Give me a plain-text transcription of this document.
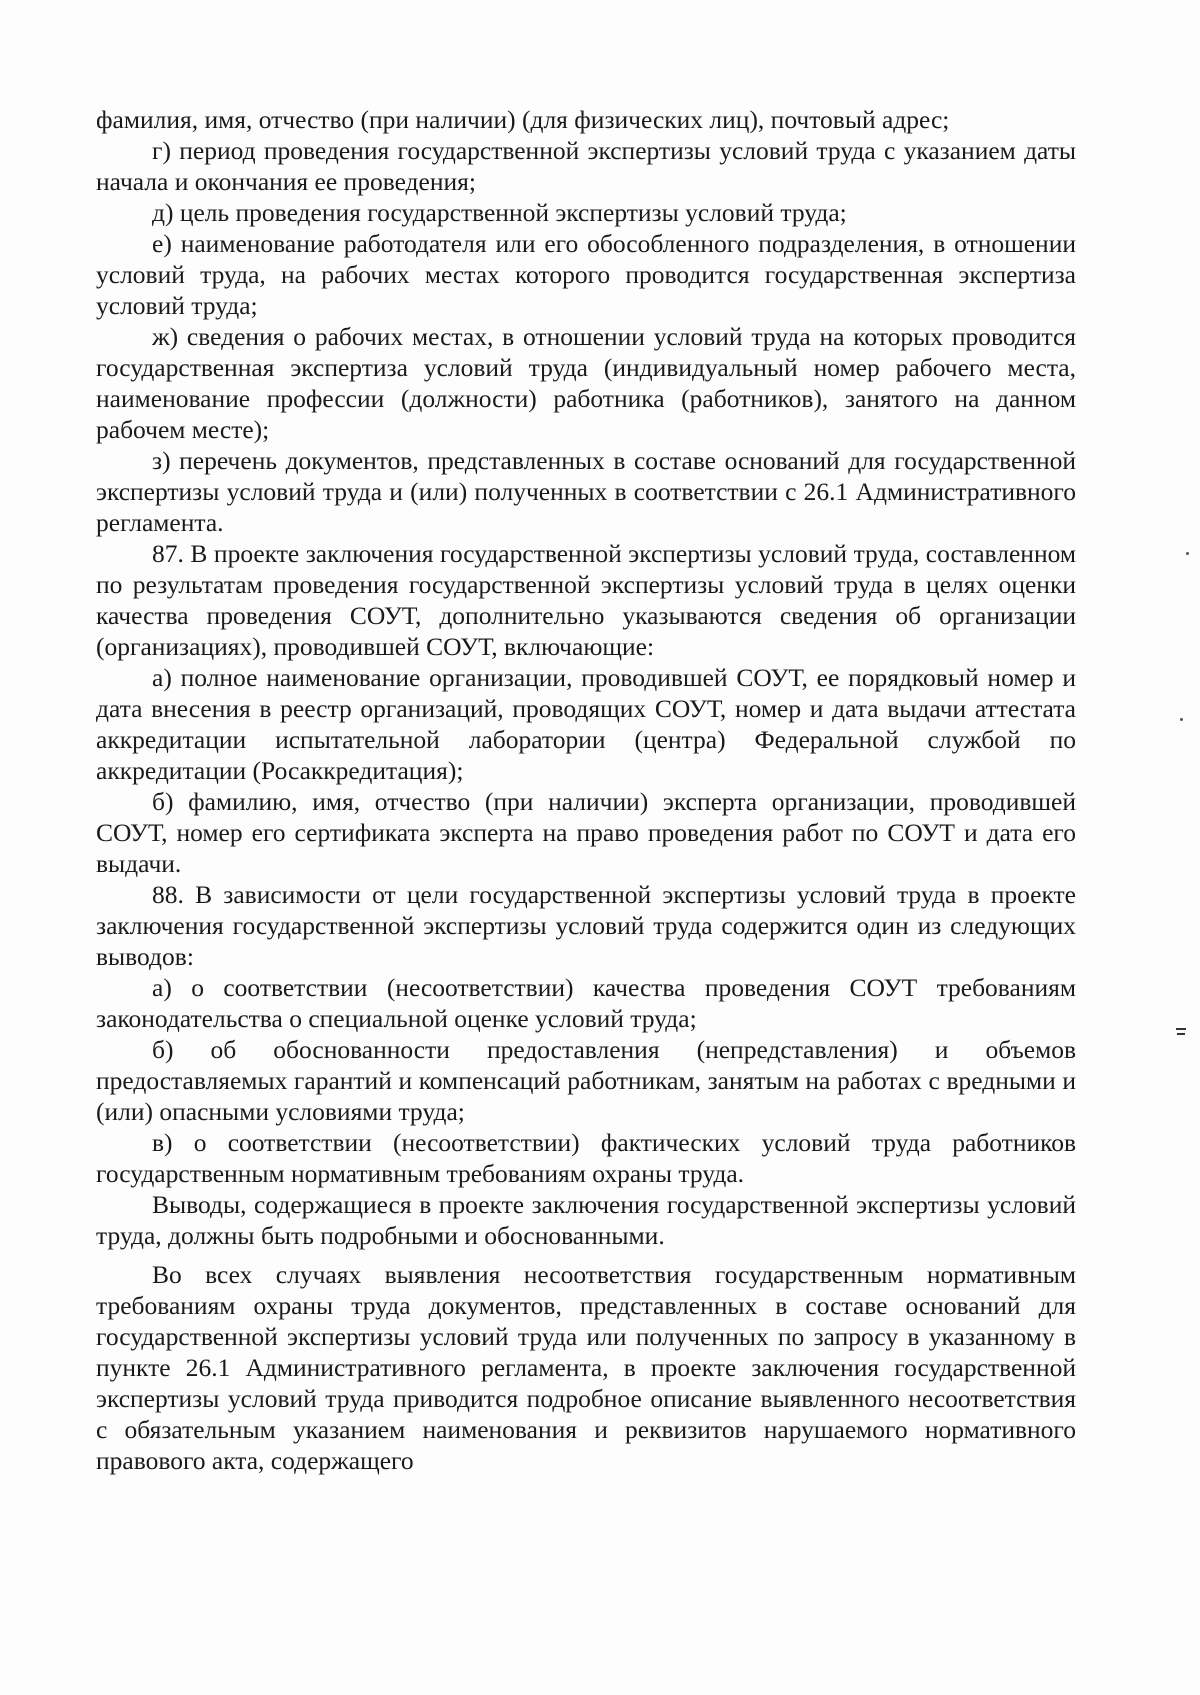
фамилия, имя, отчество (при наличии) (для физических лиц), почтовый адрес;

г) период проведения государственной экспертизы условий труда с указанием даты начала и окончания ее проведения;

д) цель проведения государственной экспертизы условий труда;

е) наименование работодателя или его обособленного подразделения, в отношении условий труда, на рабочих местах которого проводится государственная экспертиза условий труда;

ж) сведения о рабочих местах, в отношении условий труда на которых проводится государственная экспертиза условий труда (индивидуальный номер рабочего места, наименование профессии (должности) работника (работников), занятого на данном рабочем месте);

з) перечень документов, представленных в составе оснований для государственной экспертизы условий труда и (или) полученных в соответствии с 26.1 Административного регламента.

87. В проекте заключения государственной экспертизы условий труда, составленном по результатам проведения государственной экспертизы условий труда в целях оценки качества проведения СОУТ, дополнительно указываются сведения об организации (организациях), проводившей СОУТ, включающие:

а) полное наименование организации, проводившей СОУТ, ее порядковый номер и дата внесения в реестр организаций, проводящих СОУТ, номер и дата выдачи аттестата аккредитации испытательной лаборатории (центра) Федеральной службой по аккредитации (Росаккредитация);

б) фамилию, имя, отчество (при наличии) эксперта организации, проводившей СОУТ, номер его сертификата эксперта на право проведения работ по СОУТ и дата его выдачи.

88. В зависимости от цели государственной экспертизы условий труда в проекте заключения государственной экспертизы условий труда содержится один из следующих выводов:

а) о соответствии (несоответствии) качества проведения СОУТ требованиям законодательства о специальной оценке условий труда;

б) об обоснованности предоставления (непредставления) и объемов предоставляемых гарантий и компенсаций работникам, занятым на работах с вредными и (или) опасными условиями труда;

в) о соответствии (несоответствии) фактических условий труда работников государственным нормативным требованиям охраны труда.

Выводы, содержащиеся в проекте заключения государственной экспертизы условий труда, должны быть подробными и обоснованными.

Во всех случаях выявления несоответствия государственным нормативным требованиям охраны труда документов, представленных в составе оснований для государственной экспертизы условий труда или полученных по запросу в указанному в пункте 26.1 Административного регламента, в проекте заключения государственной экспертизы условий труда приводится подробное описание выявленного несоответствия с обязательным указанием наименования и реквизитов нарушаемого нормативного правового акта, содержащего
